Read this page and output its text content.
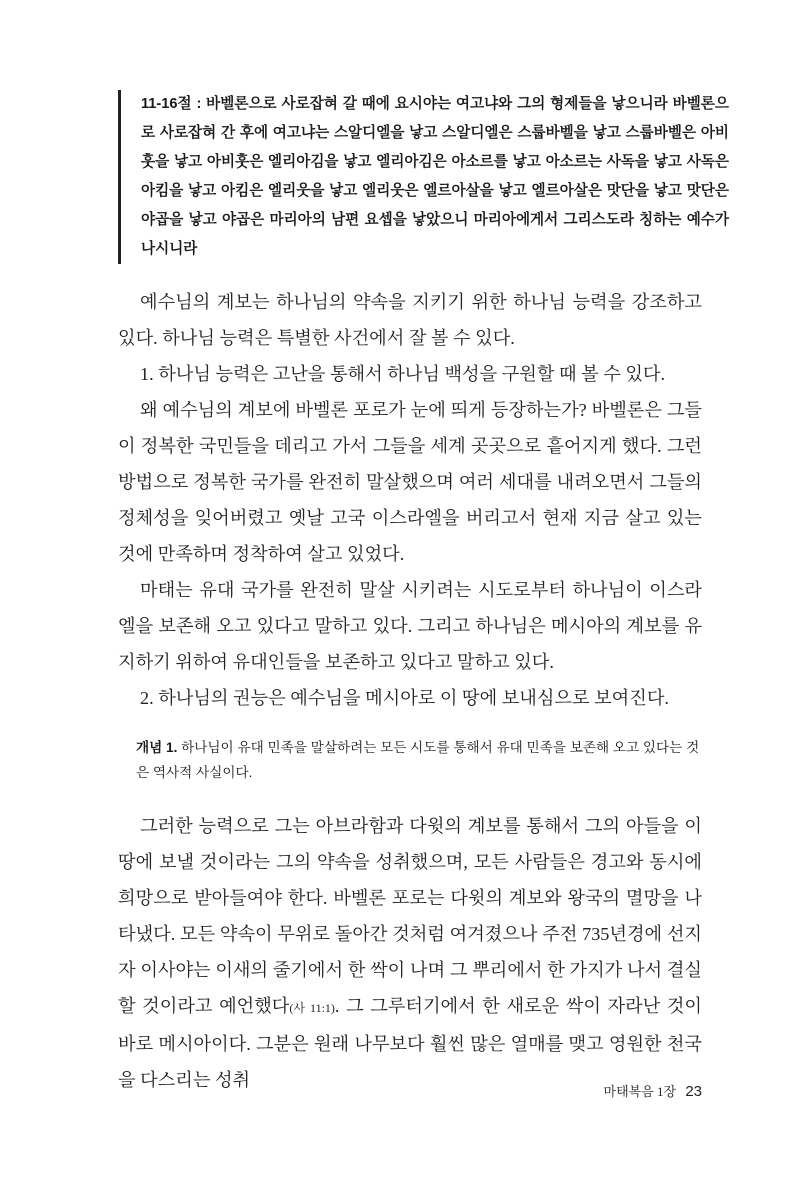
11-16절 : 바벨론으로 사로잡혀 갈 때에 요시야는 여고냐와 그의 형제들을 낳으니라 바벨론으로 사로잡혀 간 후에 여고냐는 스알디엘을 낳고 스알디엘은 스룹바벨을 낳고 스룹바벨은 아비훗을 낳고 아비훗은 엘리아김을 낳고 엘리아김은 아소르를 낳고 아소르는 사독을 낳고 사독은 아킴을 낳고 아킴은 엘리웃을 낳고 엘리웃은 엘르아살을 낳고 엘르아살은 맛단을 낳고 맛단은 야곱을 낳고 야곱은 마리아의 남편 요셉을 낳았으니 마리아에게서 그리스도라 칭하는 예수가 나시니라

예수님의 계보는 하나님의 약속을 지키기 위한 하나님 능력을 강조하고 있다. 하나님 능력은 특별한 사건에서 잘 볼 수 있다.

1. 하나님 능력은 고난을 통해서 하나님 백성을 구원할 때 볼 수 있다.

왜 예수님의 계보에 바벨론 포로가 눈에 띄게 등장하는가? 바벨론은 그들이 정복한 국민들을 데리고 가서 그들을 세계 곳곳으로 흩어지게 했다. 그런 방법으로 정복한 국가를 완전히 말살했으며 여러 세대를 내려오면서 그들의 정체성을 잊어버렸고 옛날 고국 이스라엘을 버리고서 현재 지금 살고 있는 것에 만족하며 정착하여 살고 있었다.

마태는 유대 국가를 완전히 말살 시키려는 시도로부터 하나님이 이스라엘을 보존해 오고 있다고 말하고 있다. 그리고 하나님은 메시아의 계보를 유지하기 위하여 유대인들을 보존하고 있다고 말하고 있다.

2. 하나님의 권능은 예수님을 메시아로 이 땅에 보내심으로 보여진다.

개념 1. 하나님이 유대 민족을 말살하려는 모든 시도를 통해서 유대 민족을 보존해 오고 있다는 것은 역사적 사실이다.

그러한 능력으로 그는 아브라함과 다윗의 계보를 통해서 그의 아들을 이 땅에 보낼 것이라는 그의 약속을 성취했으며, 모든 사람들은 경고와 동시에 희망으로 받아들여야 한다. 바벨론 포로는 다윗의 계보와 왕국의 멸망을 나타냈다. 모든 약속이 무위로 돌아간 것처럼 여겨졌으나 주전 735년경에 선지자 이사야는 이새의 줄기에서 한 싹이 나며 그 뿌리에서 한 가지가 나서 결실할 것이라고 예언했다(사 11:1). 그 그루터기에서 한 새로운 싹이 자라난 것이 바로 메시아이다. 그분은 원래 나무보다 훨씬 많은 열매를 맺고 영원한 천국을 다스리는 성취

마태복음 1장 23
